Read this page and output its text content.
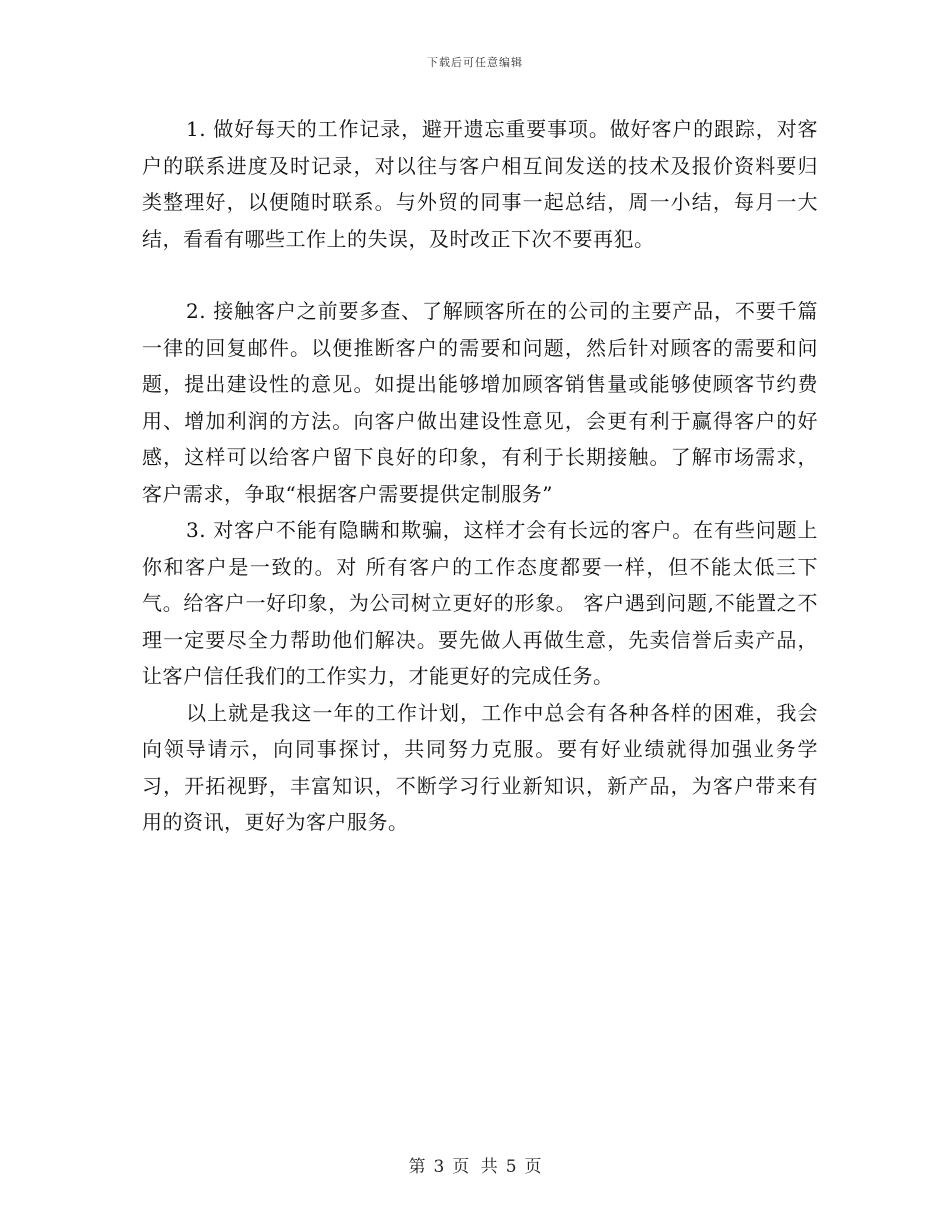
下载后可任意编辑

1. 做好每天的工作记录，避开遗忘重要事项。做好客户的跟踪，对客户的联系进度及时记录，对以往与客户相互间发送的技术及报价资料要归类整理好，以便随时联系。与外贸的同事一起总结，周一小结，每月一大结，看看有哪些工作上的失误，及时改正下次不要再犯。

2. 接触客户之前要多查、了解顾客所在的公司的主要产品，不要千篇一律的回复邮件。以便推断客户的需要和问题，然后针对顾客的需要和问题，提出建设性的意见。如提出能够增加顾客销售量或能够使顾客节约费用、增加利润的方法。向客户做出建设性意见，会更有利于赢得客户的好感，这样可以给客户留下良好的印象，有利于长期接触。了解市场需求，客户需求，争取“根据客户需要提供定制服务”

3. 对客户不能有隐瞒和欺骗，这样才会有长远的客户。在有些问题上你和客户是一致的。对 所有客户的工作态度都要一样，但不能太低三下气。给客户一好印象，为公司树立更好的形象。 客户遇到问题,不能置之不理一定要尽全力帮助他们解决。要先做人再做生意，先卖信誉后卖产品，让客户信任我们的工作实力，才能更好的完成任务。

以上就是我这一年的工作计划，工作中总会有各种各样的困难，我会向领导请示，向同事探讨，共同努力克服。要有好业绩就得加强业务学习，开拓视野，丰富知识，不断学习行业新知识，新产品，为客户带来有用的资讯，更好为客户服务。

第 3 页 共 5 页
